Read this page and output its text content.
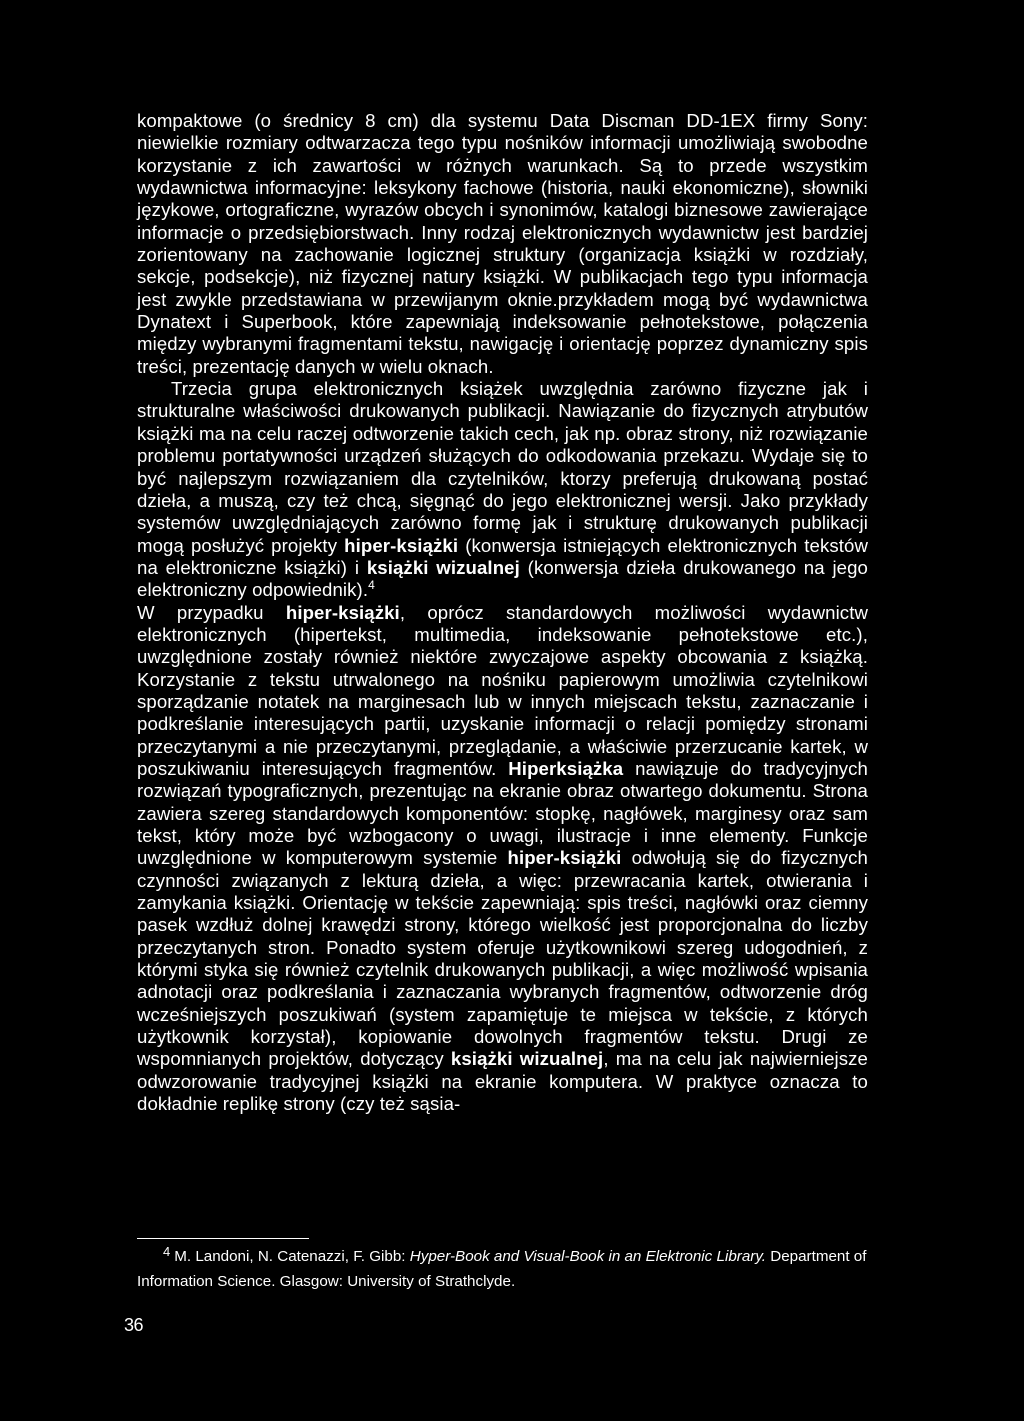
kompaktowe (o średnicy 8 cm) dla systemu Data Discman DD-1EX firmy Sony: niewielkie rozmiary odtwarzacza tego typu nośników informacji umożliwiają swobodne korzystanie z ich zawartości w różnych warunkach. Są to przede wszystkim wydawnictwa informacyjne: leksykony fachowe (historia, nauki ekonomiczne), słowniki językowe, ortograficzne, wyrazów obcych i synonimów, katalogi biznesowe zawierające informacje o przedsiębiorstwach. Inny rodzaj elektronicznych wydawnictw jest bardziej zorientowany na zachowanie logicznej struktury (organizacja książki w rozdziały, sekcje, podsekcje), niż fizycznej natury książki. W publikacjach tego typu informacja jest zwykle przedstawiana w przewijanym oknie.przykładem mogą być wydawnictwa Dynatext i Superbook, które zapewniają indeksowanie pełnotekstowe, połączenia między wybranymi fragmentami tekstu, nawigację i orientację poprzez dynamiczny spis treści, prezentację danych w wielu oknach.

Trzecia grupa elektronicznych książek uwzględnia zarówno fizyczne jak i strukturalne właściwości drukowanych publikacji. Nawiązanie do fizycznych atrybutów książki ma na celu raczej odtworzenie takich cech, jak np. obraz strony, niż rozwiązanie problemu portatywności urządzeń służących do odkodowania przekazu. Wydaje się to być najlepszym rozwiązaniem dla czytelników, ktorzy preferują drukowaną postać dzieła, a muszą, czy też chcą, sięgnąć do jego elektronicznej wersji. Jako przykłady systemów uwzględniających zarówno formę jak i strukturę drukowanych publikacji mogą posłużyć projekty hiper-książki (konwersja istniejących elektronicznych tekstów na elektroniczne książki) i książki wizualnej (konwersja dzieła drukowanego na jego elektroniczny odpowiednik).$^4$

W przypadku hiper-książki, oprócz standardowych możliwości wydawnictw elektronicznych (hipertekst, multimedia, indeksowanie pełnotekstowe etc.), uwzględnione zostały również niektóre zwyczajowe aspekty obcowania z książką. Korzystanie z tekstu utrwalonego na nośniku papierowym umożliwia czytelnikowi sporządzanie notatek na marginesach lub w innych miejscach tekstu, zaznaczanie i podkreślanie interesujących partii, uzyskanie informacji o relacji pomiędzy stronami przeczytanymi a nie przeczytanymi, przeglądanie, a właściwie przerzucanie kartek, w poszukiwaniu interesujących fragmentów. Hiperksiążka nawiązuje do tradycyjnych rozwiązań typograficznych, prezentując na ekranie obraz otwartego dokumentu. Strona zawiera szereg standardowych komponentów: stopkę, nagłówek, marginesy oraz sam tekst, który może być wzbogacony o uwagi, ilustracje i inne elementy. Funkcje uwzględnione w komputerowym systemie hiper-książki odwołują się do fizycznych czynności związanych z lekturą dzieła, a więc: przewracania kartek, otwierania i zamykania książki. Orientację w tekście zapewniają: spis treści, nagłówki oraz ciemny pasek wzdłuż dolnej krawędzi strony, którego wielkość jest proporcjonalna do liczby przeczytanych stron. Ponadto system oferuje użytkownikowi szereg udogodnień, z którymi styka się również czytelnik drukowanych publikacji, a więc możliwość wpisania adnotacji oraz podkreślania i zaznaczania wybranych fragmentów, odtworzenie dróg wcześniejszych poszukiwań (system zapamiętuje te miejsca w tekście, z których użytkownik korzystał), kopiowanie dowolnych fragmentów tekstu. Drugi ze wspomnianych projektów, dotyczący książki wizualnej, ma na celu jak najwierniejsze odwzorowanie tradycyjnej książki na ekranie komputera. W praktyce oznacza to dokładnie replikę strony (czy też sąsia-

4 M. Landoni, N. Catenazzi, F. Gibb: Hyper-Book and Visual-Book in an Elektronic Library. Department of Information Science. Glasgow: University of Strathclyde.
36
